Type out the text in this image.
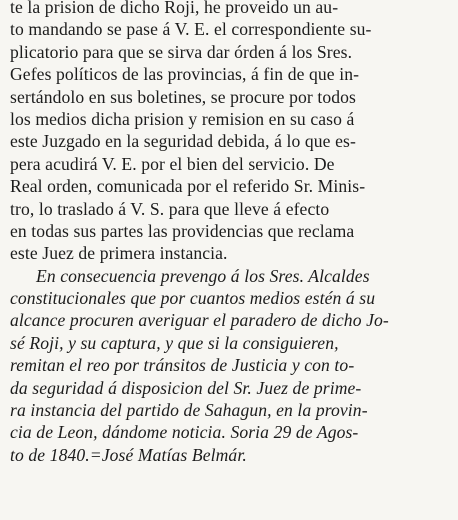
te la prision de dicho Roji, he proveido un au-
to mandando se pase á V. E. el correspondiente su-
plicatorio para que se sirva dar órden á los Sres.
Gefes políticos de las provincias, á fin de que in-
sertándolo en sus boletines, se procure por todos
los medios dicha prision y remision en su caso á
este Juzgado en la seguridad debida, á lo que es-
pera acudirá V. E. por el bien del servicio. De
Real orden, comunicada por el referido Sr. Minis-
tro, lo traslado á V. S. para que lleve á efecto
en todas sus partes las providencias que reclama
este Juez de primera instancia.
En consecuencia prevengo á los Sres. Alcaldes
constitucionales que por cuantos medios estén á su
alcance procuren averiguar el paradero de dicho Jo-
sé Roji, y su captura, y que si la consiguieren,
remitan el reo por tránsitos de Justicia y con to-
da seguridad á disposicion del Sr. Juez de prime-
ra instancia del partido de Sahagun, en la provin-
cia de Leon, dándome noticia. Soria 29 de Agos-
to de 1840.=José Matías Belmár.
